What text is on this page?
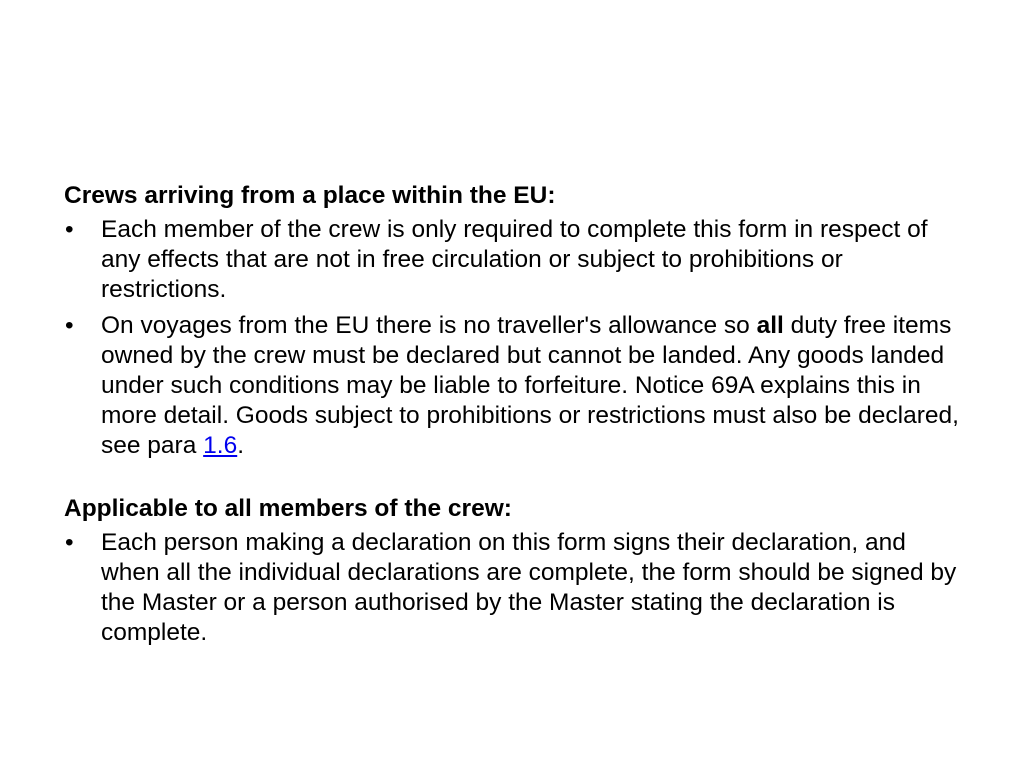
Crews arriving from a place within the EU:

• Each member of the crew is only required to complete this form in respect of any effects that are not in free circulation or subject to prohibitions or restrictions.
• On voyages from the EU there is no traveller's allowance so all duty free items owned by the crew must be declared but cannot be landed. Any goods landed under such conditions may be liable to forfeiture. Notice 69A explains this in more detail. Goods subject to prohibitions or restrictions must also be declared, see para 1.6.

Applicable to all members of the crew:

• Each person making a declaration on this form signs their declaration, and when all the individual declarations are complete, the form should be signed by the Master or a person authorised by the Master stating the declaration is complete.
